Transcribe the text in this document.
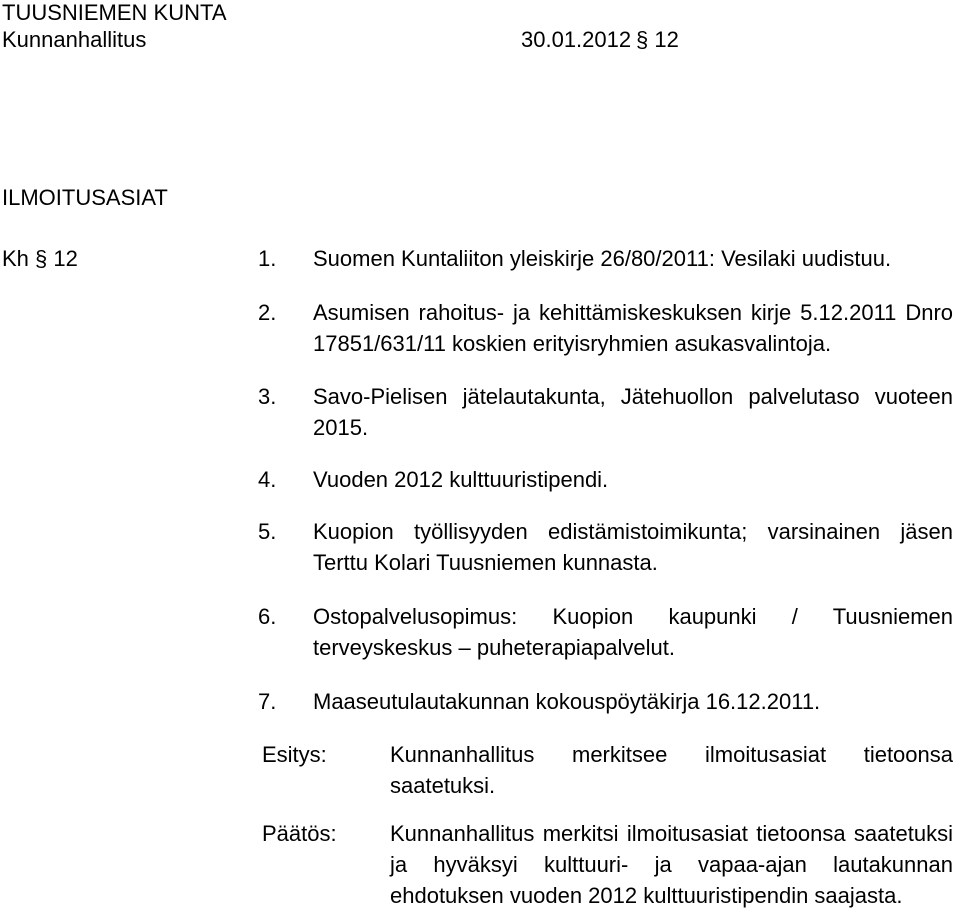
TUUSNIEMEN KUNTA
Kunnanhallitus	30.01.2012 § 12
ILMOITUSASIAT
Kh § 12	1. Suomen Kuntaliiton yleiskirje 26/80/2011: Vesilaki uudistuu.
2. Asumisen rahoitus- ja kehittämiskeskuksen kirje 5.12.2011 Dnro 17851/631/11 koskien erityisryhmien asukasvalintoja.
3. Savo-Pielisen jätelautakunta, Jätehuollon palvelutaso vuoteen 2015.
4. Vuoden 2012 kulttuuristipendi.
5. Kuopion työllisyyden edistämistoimikunta; varsinainen jäsen Terttu Kolari Tuusniemen kunnasta.
6. Ostopalvelusopimus: Kuopion kaupunki / Tuusniemen terveyskeskus – puheterapiapalvelut.
7. Maaseutulautakunnan kokouspöytäkirja 16.12.2011.
Esitys:	Kunnanhallitus merkitsee ilmoitusasiat tietoonsa saatetuksi.
Päätös: Kunnanhallitus merkitsi ilmoitusasiat tietoonsa saatetuksi ja hyväksyi kulttuuri- ja vapaa-ajan lautakunnan ehdotuksen vuoden 2012 kulttuuristipendin saajasta.
